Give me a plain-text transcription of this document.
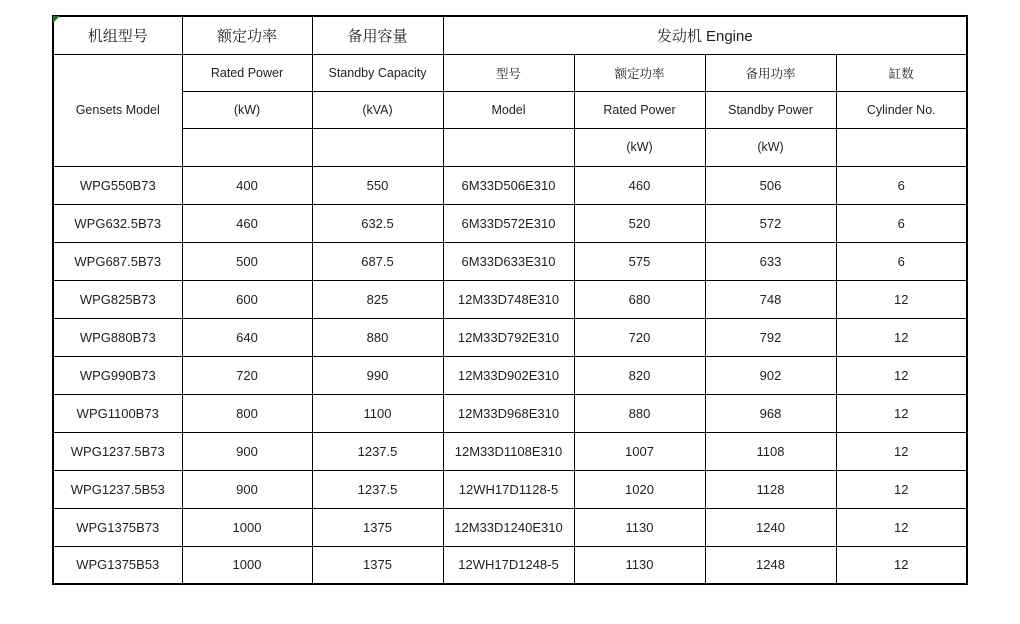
机组型号	额定功率	备用容量	发动机 Engine			
Gensets Model	Rated Power	Standby Capacity	型号	额定功率	备用功率	缸数
	(kW)	(kVA)	Model	Rated Power	Standby Power	Cylinder No.
				(kW)	(kW)	
WPG550B73	400	550	6M33D506E310	460	506	6
WPG632.5B73	460	632.5	6M33D572E310	520	572	6
WPG687.5B73	500	687.5	6M33D633E310	575	633	6
WPG825B73	600	825	12M33D748E310	680	748	12
WPG880B73	640	880	12M33D792E310	720	792	12
WPG990B73	720	990	12M33D902E310	820	902	12
WPG1100B73	800	1100	12M33D968E310	880	968	12
WPG1237.5B73	900	1237.5	12M33D1108E310	1007	1108	12
WPG1237.5B53	900	1237.5	12WH17D1128-5	1020	1128	12
WPG1375B73	1000	1375	12M33D1240E310	1130	1240	12
WPG1375B53	1000	1375	12WH17D1248-5	1130	1248	12
